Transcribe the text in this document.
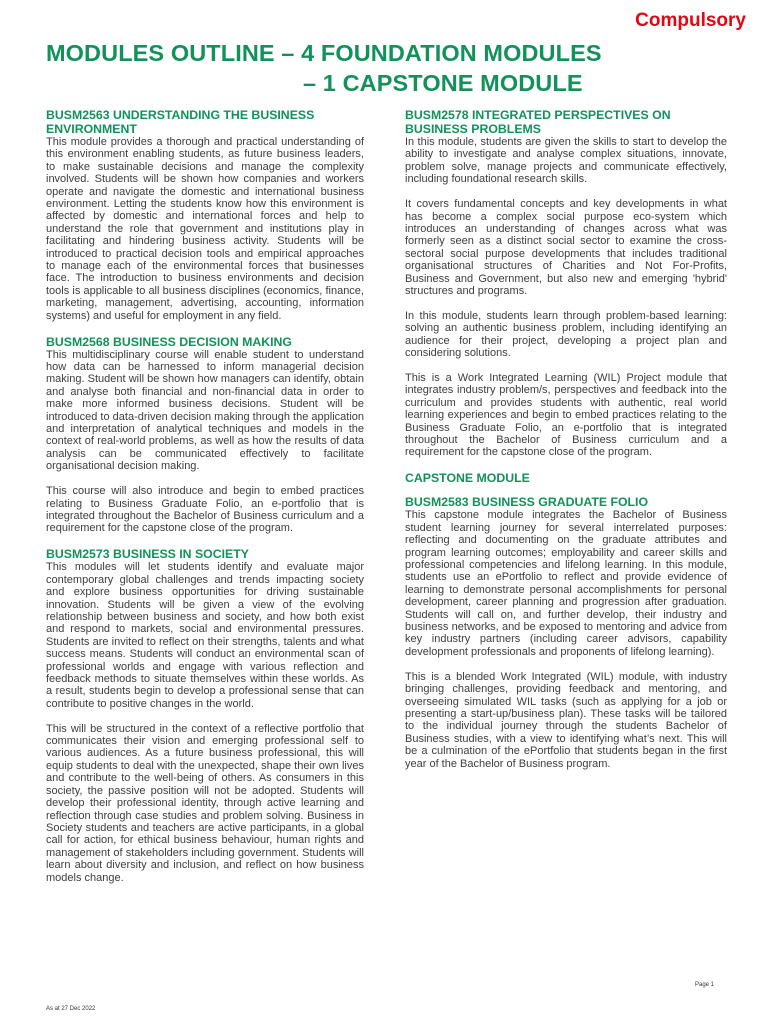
Compulsory
MODULES OUTLINE – 4 FOUNDATION MODULES
– 1 CAPSTONE MODULE
BUSM2563 UNDERSTANDING THE BUSINESS ENVIRONMENT

This module provides a thorough and practical understanding of this environment enabling students, as future business leaders, to make sustainable decisions and manage the complexity involved. Students will be shown how companies and workers operate and navigate the domestic and international business environment. Letting the students know how this environment is affected by domestic and international forces and help to understand the role that government and institutions play in facilitating and hindering business activity. Students will be introduced to practical decision tools and empirical approaches to manage each of the environmental forces that businesses face. The introduction to business environments and decision tools is applicable to all business disciplines (economics, finance, marketing, management, advertising, accounting, information systems) and useful for employment in any field.

BUSM2568 BUSINESS DECISION MAKING

This multidisciplinary course will enable student to understand how data can be harnessed to inform managerial decision making. Student will be shown how managers can identify, obtain and analyse both financial and non-financial data in order to make more informed business decisions. Student will be introduced to data-driven decision making through the application and interpretation of analytical techniques and models in the context of real-world problems, as well as how the results of data analysis can be communicated effectively to facilitate organisational decision making.

This course will also introduce and begin to embed practices relating to Business Graduate Folio, an e-portfolio that is integrated throughout the Bachelor of Business curriculum and a requirement for the capstone close of the program.

BUSM2573 BUSINESS IN SOCIETY

This modules will let students identify and evaluate major contemporary global challenges and trends impacting society and explore business opportunities for driving sustainable innovation. Students will be given a view of the evolving relationship between business and society, and how both exist and respond to markets, social and environmental pressures. Students are invited to reflect on their strengths, talents and what success means. Students will conduct an environmental scan of professional worlds and engage with various reflection and feedback methods to situate themselves within these worlds. As a result, students begin to develop a professional sense that can contribute to positive changes in the world.

This will be structured in the context of a reflective portfolio that communicates their vision and emerging professional self to various audiences. As a future business professional, this will equip students to deal with the unexpected, shape their own lives and contribute to the well-being of others. As consumers in this society, the passive position will not be adopted. Students will develop their professional identity, through active learning and reflection through case studies and problem solving. Business in Society students and teachers are active participants, in a global call for action, for ethical business behaviour, human rights and management of stakeholders including government. Students will learn about diversity and inclusion, and reflect on how business models change.

BUSM2578 INTEGRATED PERSPECTIVES ON BUSINESS PROBLEMS

In this module, students are given the skills to start to develop the ability to investigate and analyse complex situations, innovate, problem solve, manage projects and communicate effectively, including foundational research skills.

It covers fundamental concepts and key developments in what has become a complex social purpose eco-system which introduces an understanding of changes across what was formerly seen as a distinct social sector to examine the cross-sectoral social purpose developments that includes traditional organisational structures of Charities and Not For-Profits, Business and Government, but also new and emerging 'hybrid' structures and programs.

In this module, students learn through problem-based learning: solving an authentic business problem, including identifying an audience for their project, developing a project plan and considering solutions.

This is a Work Integrated Learning (WIL) Project module that integrates industry problem/s, perspectives and feedback into the curriculum and provides students with authentic, real world learning experiences and begin to embed practices relating to the Business Graduate Folio, an e-portfolio that is integrated throughout the Bachelor of Business curriculum and a requirement for the capstone close of the program.

CAPSTONE MODULE
BUSM2583 BUSINESS GRADUATE FOLIO

This capstone module integrates the Bachelor of Business student learning journey for several interrelated purposes: reflecting and documenting on the graduate attributes and program learning outcomes; employability and career skills and professional competencies and lifelong learning. In this module, students use an ePortfolio to reflect and provide evidence of learning to demonstrate personal accomplishments for personal development, career planning and progression after graduation. Students will call on, and further develop, their industry and business networks, and be exposed to mentoring and advice from key industry partners (including career advisors, capability development professionals and proponents of lifelong learning).

This is a blended Work Integrated (WIL) module, with industry bringing challenges, providing feedback and mentoring, and overseeing simulated WIL tasks (such as applying for a job or presenting a start-up/business plan). These tasks will be tailored to the individual journey through the students Bachelor of Business studies, with a view to identifying what’s next. This will be a culmination of the ePortfolio that students began in the first year of the Bachelor of Business program.

Page 1
As at 27 Dec 2022
